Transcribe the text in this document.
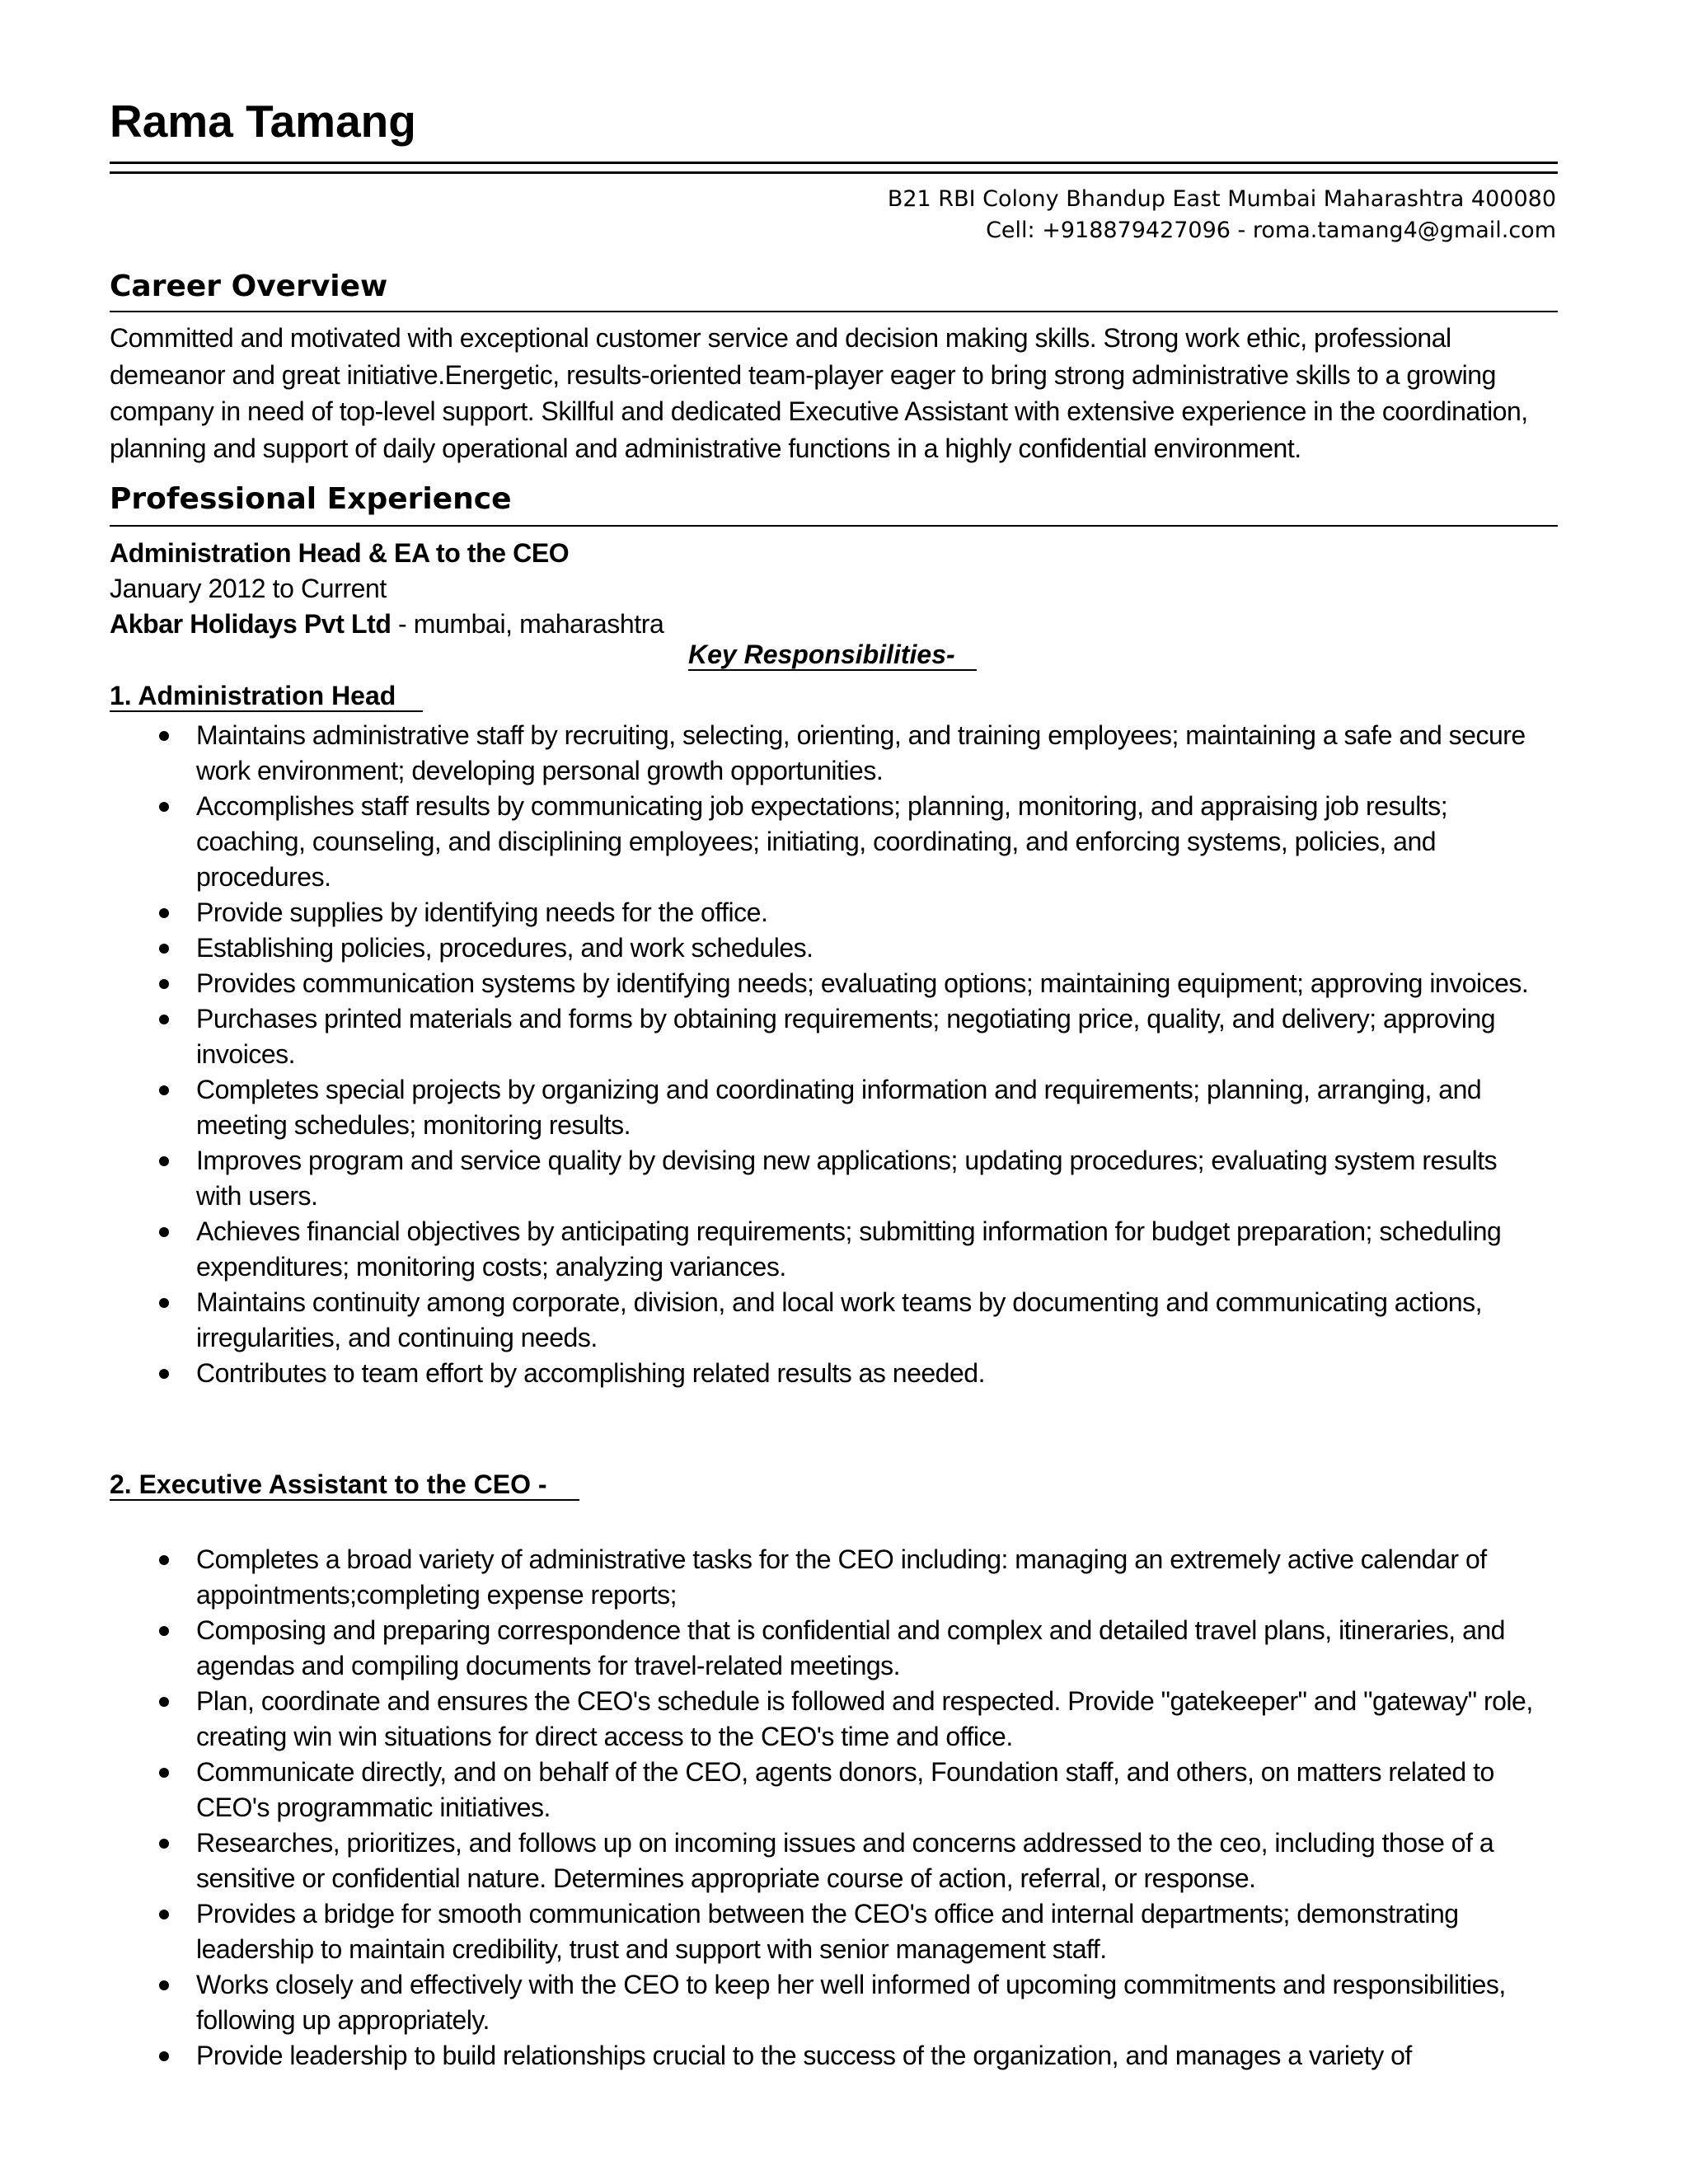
Rama Tamang
B21 RBI Colony Bhandup East Mumbai Maharashtra 400080
Cell: +918879427096 - roma.tamang4@gmail.com
Career Overview

Committed and motivated with exceptional customer service and decision making skills. Strong work ethic, professional demeanor and great initiative.Energetic, results-oriented team-player eager to bring strong administrative skills to a growing company in need of top-level support. Skillful and dedicated Executive Assistant with extensive experience in the coordination, planning and support of daily operational and administrative functions in a highly confidential environment.

Professional Experience
Administration Head & EA to the CEO
January 2012 to Current
Akbar Holidays Pvt Ltd - mumbai, maharashtra
Key Responsibilities-
1. Administration Head
Maintains administrative staff by recruiting, selecting, orienting, and training employees; maintaining a safe and secure work environment; developing personal growth opportunities.
Accomplishes staff results by communicating job expectations; planning, monitoring, and appraising job results; coaching, counseling, and disciplining employees; initiating, coordinating, and enforcing systems, policies, and procedures.
Provide supplies by identifying needs for the office.
Establishing policies, procedures, and work schedules.
Provides communication systems by identifying needs; evaluating options; maintaining equipment; approving invoices.
Purchases printed materials and forms by obtaining requirements; negotiating price, quality, and delivery; approving invoices.
Completes special projects by organizing and coordinating information and requirements; planning, arranging, and meeting schedules; monitoring results.
Improves program and service quality by devising new applications; updating procedures; evaluating system results with users.
Achieves financial objectives by anticipating requirements; submitting information for budget preparation; scheduling expenditures; monitoring costs; analyzing variances.
Maintains continuity among corporate, division, and local work teams by documenting and communicating actions, irregularities, and continuing needs.
Contributes to team effort by accomplishing related results as needed.
2. Executive Assistant to the CEO -
Completes a broad variety of administrative tasks for the CEO including: managing an extremely active calendar of appointments;completing expense reports;
Composing and preparing correspondence that is confidential and complex and detailed travel plans, itineraries, and agendas and compiling documents for travel-related meetings.
Plan, coordinate and ensures the CEO's schedule is followed and respected. Provide "gatekeeper" and "gateway" role, creating win win situations for direct access to the CEO's time and office.
Communicate directly, and on behalf of the CEO, agents donors, Foundation staff, and others, on matters related to CEO's programmatic initiatives.
Researches, prioritizes, and follows up on incoming issues and concerns addressed to the ceo, including those of a sensitive or confidential nature. Determines appropriate course of action, referral, or response.
Provides a bridge for smooth communication between the CEO's office and internal departments; demonstrating leadership to maintain credibility, trust and support with senior management staff.
Works closely and effectively with the CEO to keep her well informed of upcoming commitments and responsibilities, following up appropriately.
Provide leadership to build relationships crucial to the success of the organization, and manages a variety of
